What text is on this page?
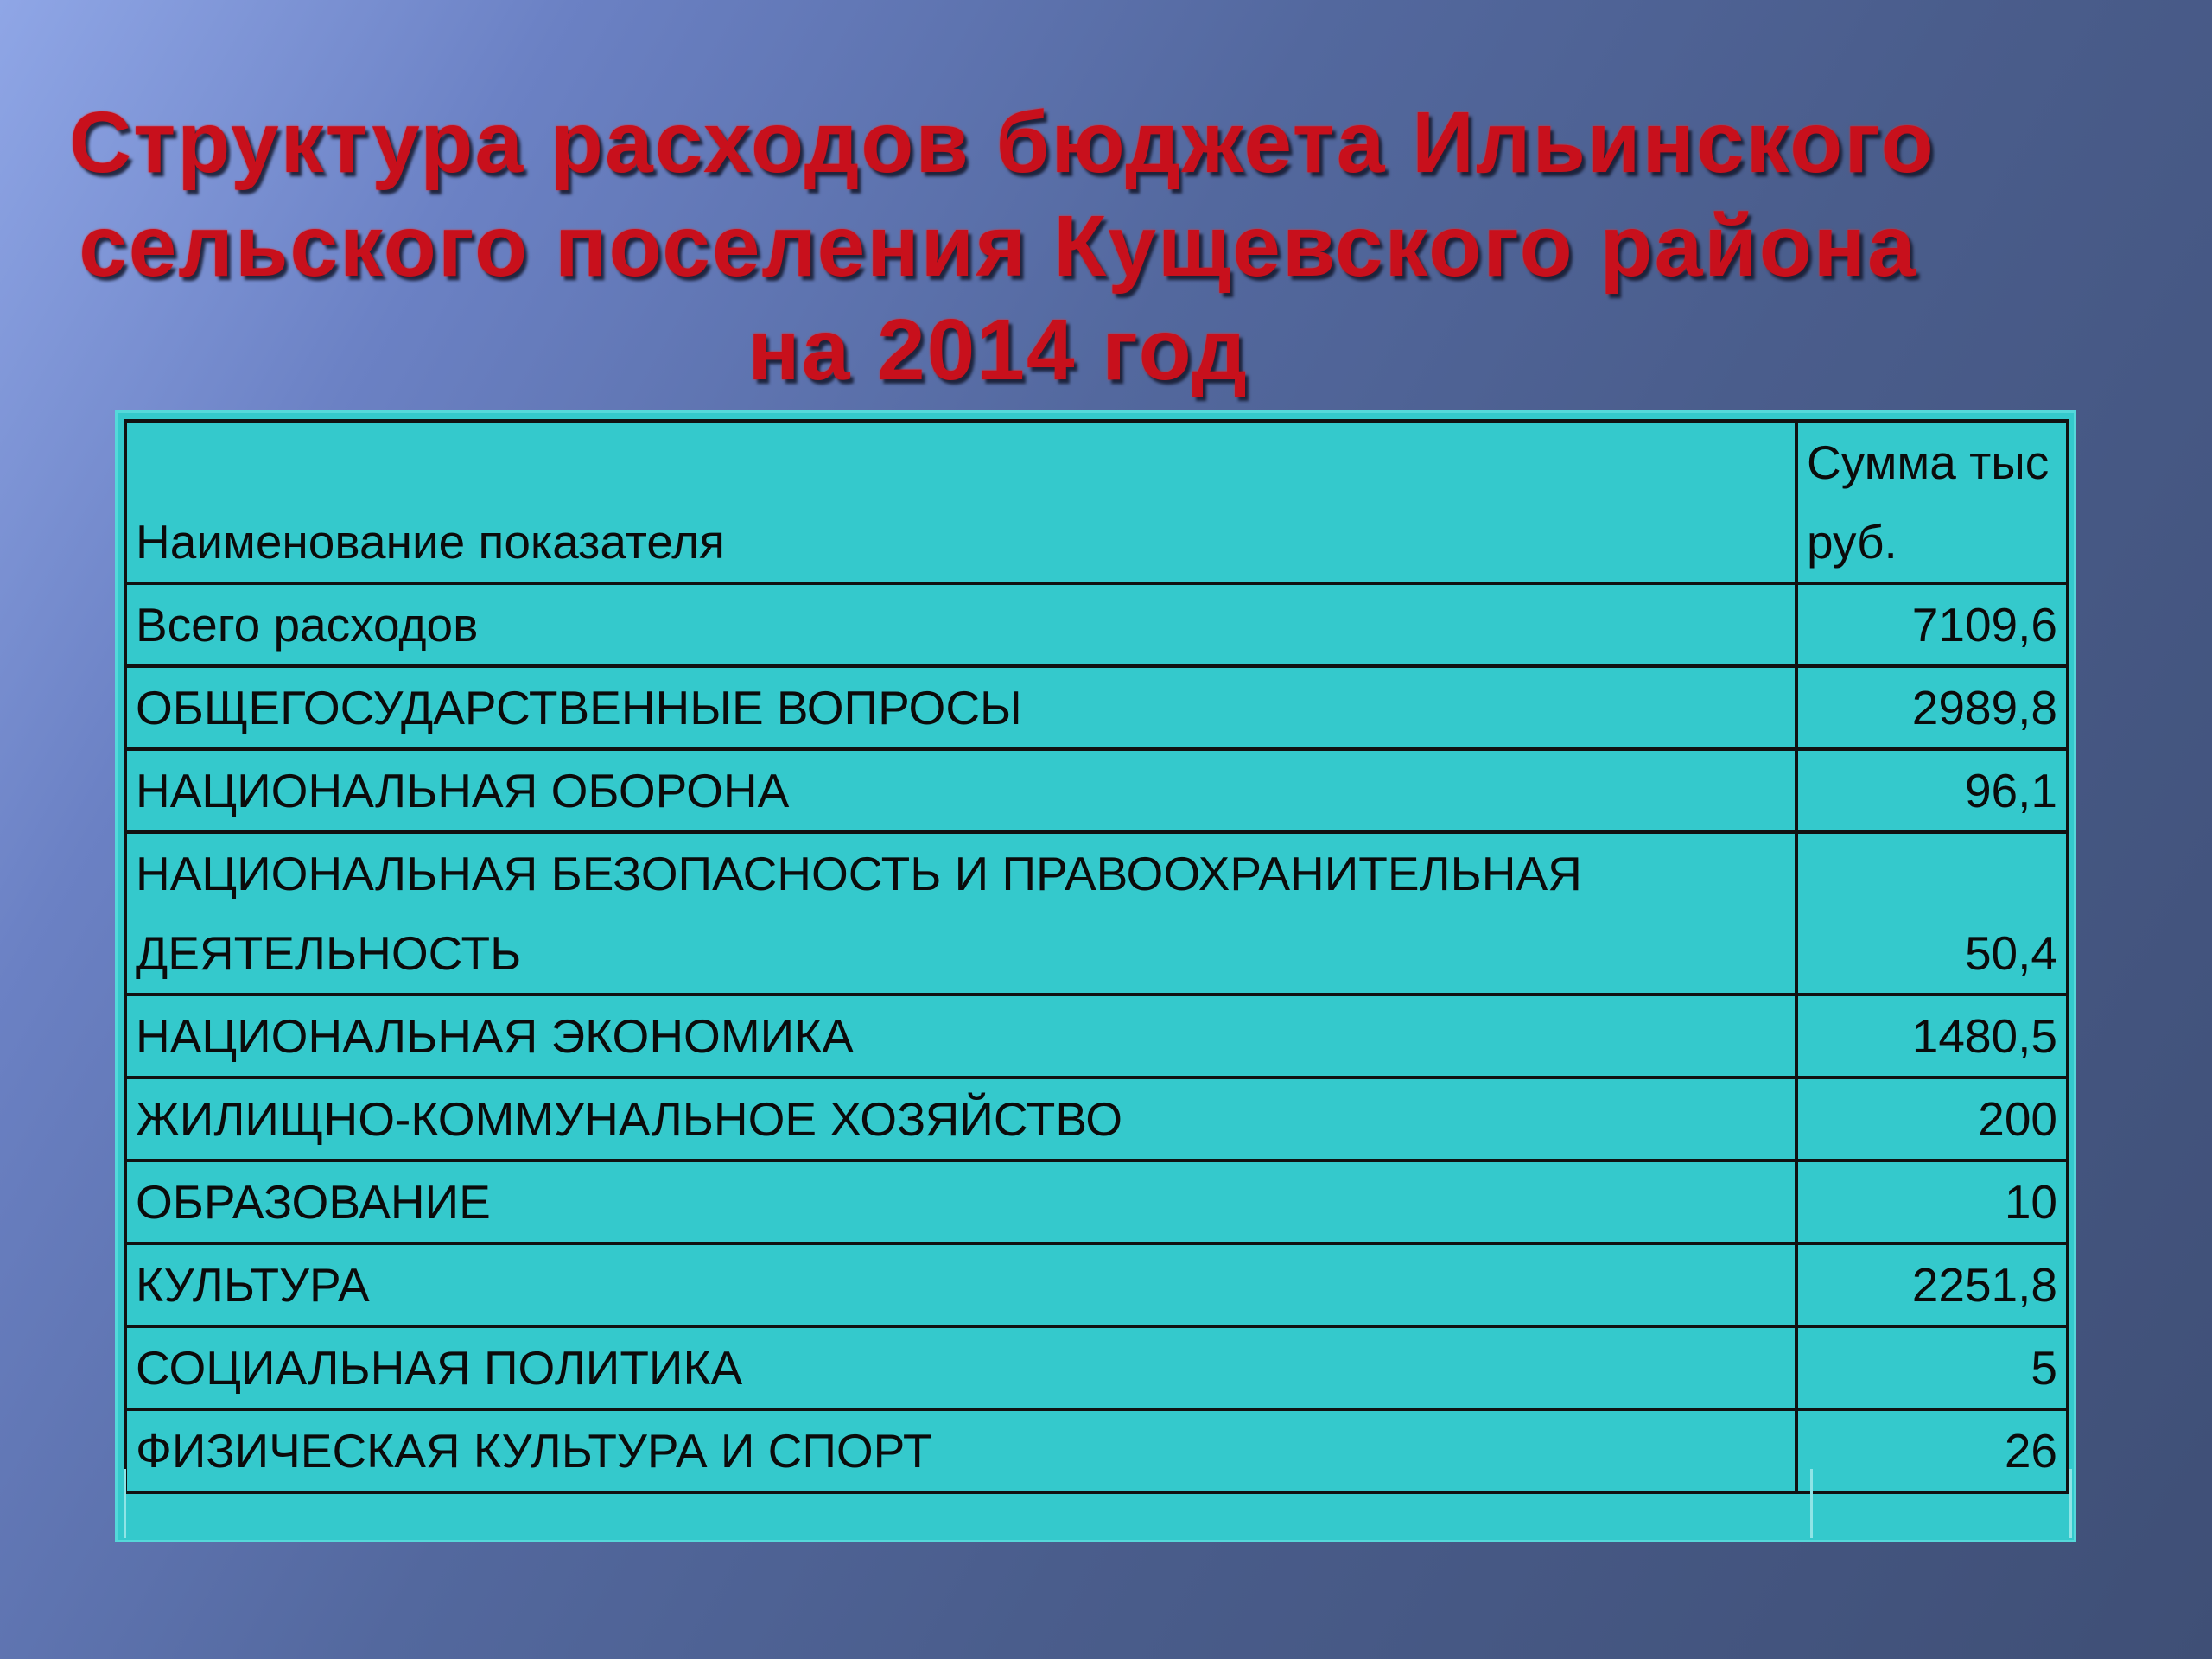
Структура расходов бюджета Ильинского
сельского поселения Кущевского района
на 2014 год
Наименование показателя	Сумма тыс руб.
Всего расходов	7109,6
ОБЩЕГОСУДАРСТВЕННЫЕ ВОПРОСЫ	2989,8
НАЦИОНАЛЬНАЯ ОБОРОНА	96,1
НАЦИОНАЛЬНАЯ БЕЗОПАСНОСТЬ И ПРАВООХРАНИТЕЛЬНАЯ ДЕЯТЕЛЬНОСТЬ	50,4
НАЦИОНАЛЬНАЯ ЭКОНОМИКА	1480,5
ЖИЛИЩНО-КОММУНАЛЬНОЕ ХОЗЯЙСТВО	200
ОБРАЗОВАНИЕ	10
КУЛЬТУРА	2251,8
СОЦИАЛЬНАЯ ПОЛИТИКА	5
ФИЗИЧЕСКАЯ КУЛЬТУРА И СПОРТ	26
